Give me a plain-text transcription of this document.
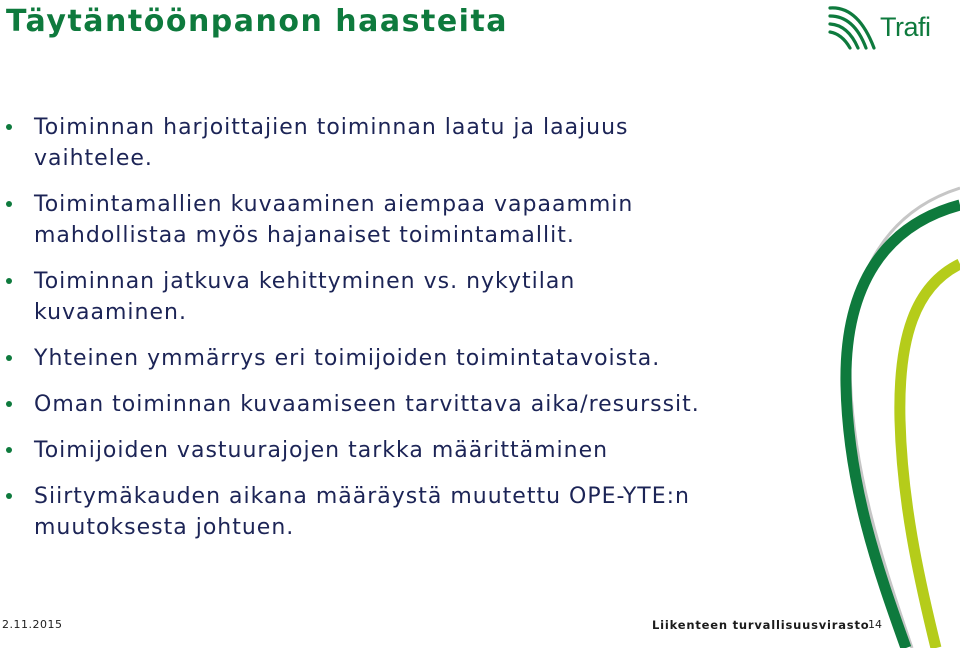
Täytäntöönpanon haasteita	Trafi
Toiminnan harjoittajien toiminnan laatu ja laajuus
vaihtelee.
Toimintamallien kuvaaminen aiempaa vapaammin
mahdollistaa myös hajanaiset toimintamallit.
Toiminnan jatkuva kehittyminen vs. nykytilan
kuvaaminen.
Yhteinen ymmärrys eri toimijoiden toimintatavoista.
Oman toiminnan kuvaamiseen tarvittava aika/resurssit.
Toimijoiden vastuurajojen tarkka määrittäminen
Siirtymäkauden aikana määräystä muutettu OPE-YTE:n
muutoksesta johtuen.
2.11.2015	Liikenteen turvallisuusvirasto
14
